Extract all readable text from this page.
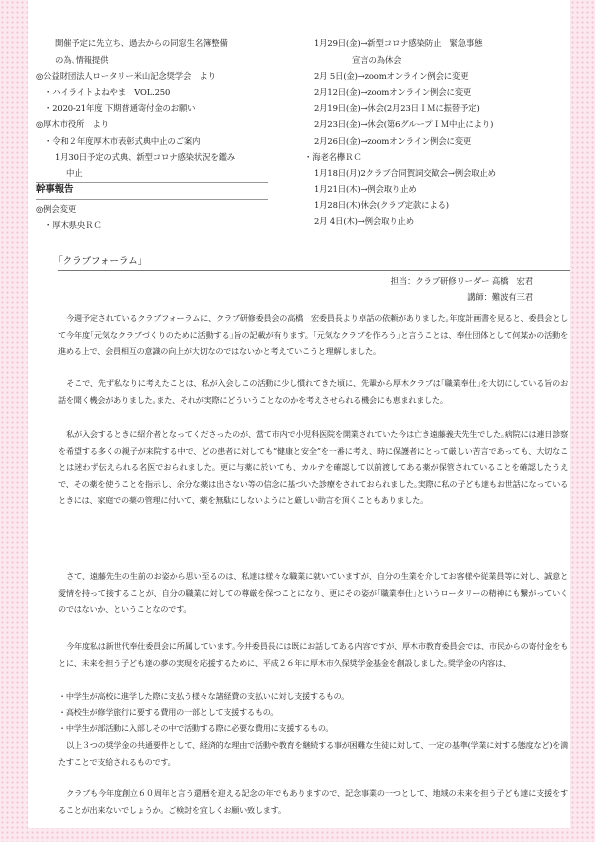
開催予定に先立ち、過去からの同窓生名簿整備
の為､情報提供
◎公益財団法人ロータリー米山記念奨学会　より
・ハイライトよねやま　VOL.250
・2020-21年度 下期普通寄付金のお願い
◎厚木市役所　より
・令和２年度厚木市表彰式典中止のご案内
1月30日予定の式典、新型コロナ感染状況を鑑み
中止
幹事報告
◎例会変更
・厚木県央ＲＣ
1月29日(金)→新型コロナ感染防止　緊急事態
宣言の為休会
2月 5日(金)→zoomオンライン例会に変更
2月12日(金)→zoomオンライン例会に変更
2月19日(金)→休会(2月23日ＩＭに振替予定)
2月23日(金)→休会(第6グループＩＭ中止により)
2月26日(金)→zoomオンライン例会に変更
・海老名欅ＲＣ
1月18日(月)2クラブ合同賀詞交歓会→例会取止め
1月21日(木)→例会取り止め
1月28日(木)休会(クラブ定款による)
2月 4日(木)→例会取り止め
｢クラブフォーラム｣
担当：クラブ研修リーダー 高橋　宏君
講師：難波有三君

今週予定されているクラブフォーラムに、クラブ研修委員会の高橋　宏委員長より卓話の依頼がありました｡年度計画書を見ると、委員会として今年度｢元気なクラブづくりのために活動する｣旨の記載が有ります。｢元気なクラブを作ろう｣と言うことは、奉仕団体として何某かの活動を進める上で、会員相互の意識の向上が大切なのではないかと考えていこうと理解しました。

そこで、先ず私なりに考えたことは、私が入会しこの活動に少し慣れてきた頃に、先輩から厚木クラブは｢職業奉仕｣を大切にしている旨のお話を聞く機会がありました｡また、それが実際にどういうことなのかを考えさせられる機会にも恵まれました。

私が入会するときに紹介者となってくださったのが、當て市内で小児科医院を開業されていた今は亡き遠藤義夫先生でした｡病院には連日診察を希望する多くの親子が来院する中で、どの患者に対しても“健康と安全”を一番に考え、時に保護者にとって厳しい苦言であっても、大切なことは迷わず伝えられる名医でおられました。更に与薬に於いても、カルテを確認して以前渡してある薬が保管されていることを確認したうえで、その薬を使うことを指示し、余分な薬は出さない等の信念に基づいた診療をされておられました｡実際に私の子ども達もお世話になっているときには、家庭での薬の管理に付いて、薬を無駄にしないようにと厳しい助言を頂くこともありました。

さて、遠藤先生の生前のお姿から思い至るのは、私達は様々な職業に就いていますが、自分の生業を介してお客様や従業員等に対し、誠意と愛情を持って接することが、自分の職業に対しての尊厳を保つことになり、更にその姿が｢職業奉仕｣というロータリーの精神にも繋がっていくのではないか、ということなのです。

今年度私は新世代奉仕委員会に所属しています｡今井委員長には既にお話してある内容ですが、厚木市教育委員会では、市民からの寄付金をもとに、未来を担う子ども達の夢の実現を応援するために、平成２６年に厚木市久保奨学金基金を創設しました｡奨学金の内容は、

・中学生が高校に進学した際に支払う様々な諸経費の支払いに対し支援するもの。
・高校生が修学旅行に要する費用の一部として支援するもの。
・中学生が部活動に入部しその中で活動する際に必要な費用に支援するもの。

以上３つの奨学金の共通要件として、経済的な理由で活動や教育を継続する事が困難な生徒に対して、一定の基準(学業に対する態度など)を満たすことで支給されるものです。

クラブも今年度創立６０周年と言う還暦を迎える記念の年でもありますので、記念事業の一つとして、地域の未来を担う子ども達に支援をすることが出来ないでしょうか。ご検討を宜しくお願い致します。
